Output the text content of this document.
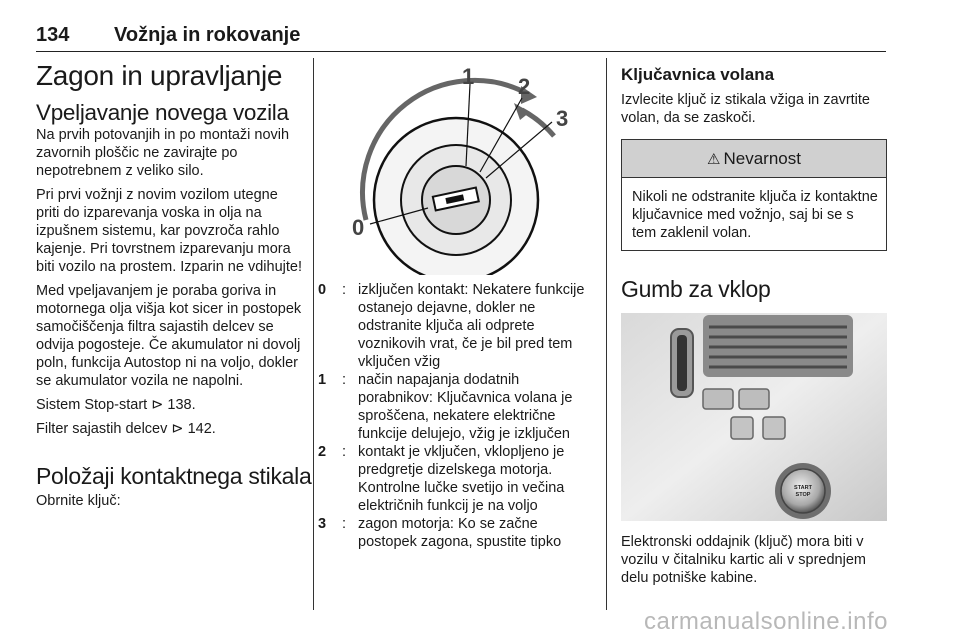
134 Vožnja in rokovanje
Zagon in upravljanje
Vpeljavanje novega vozila

Na prvih potovanjih in po montaži novih zavornih ploščic ne zavirajte po nepotrebnem z veliko silo.

Pri prvi vožnji z novim vozilom utegne priti do izparevanja voska in olja na izpušnem sistemu, kar povzroča rahlo kajenje. Pri tovrstnem izparevanju mora biti vozilo na prostem. Izparin ne vdihujte!

Med vpeljavanjem je poraba goriva in motornega olja višja kot sicer in postopek samočiščenja filtra sajastih delcev se odvija pogosteje. Če akumulator ni dovolj poln, funkcija Autostop ni na voljo, dokler se akumulator vozila ne napolni.

Sistem Stop-start ⊳ 138.

Filter sajastih delcev ⊳ 142.

Položaji kontaktnega stikala

Obrnite ključ:

0
1 2
3
0	: izključen kontakt: Nekatere funkcije ostanejo dejavne, dokler ne odstranite ključa ali odprete voznikovih vrat, če je bil pred tem vključen vžig
1	: način napajanja dodatnih porabnikov: Ključavnica volana je sproščena, nekatere električne funkcije delujejo, vžig je izključen
2	: kontakt je vključen, vklopljeno je predgretje dizelskega motorja. Kontrolne lučke svetijo in večina električnih funkcij je na voljo
3	: zagon motorja: Ko se začne postopek zagona, spustite tipko
Ključavnica volana

Izvlecite ključ iz stikala vžiga in zavrtite volan, da se zaskoči.

⚠ Nevarnost
Nikoli ne odstranite ključa iz kontaktne ključavnice med vožnjo, saj bi se s tem zaklenil volan.
Gumb za vklop
START
STOP

Elektronski oddajnik (ključ) mora biti v vozilu v čitalniku kartic ali v sprednjem delu potniške kabine.

carmanualsonline.info
